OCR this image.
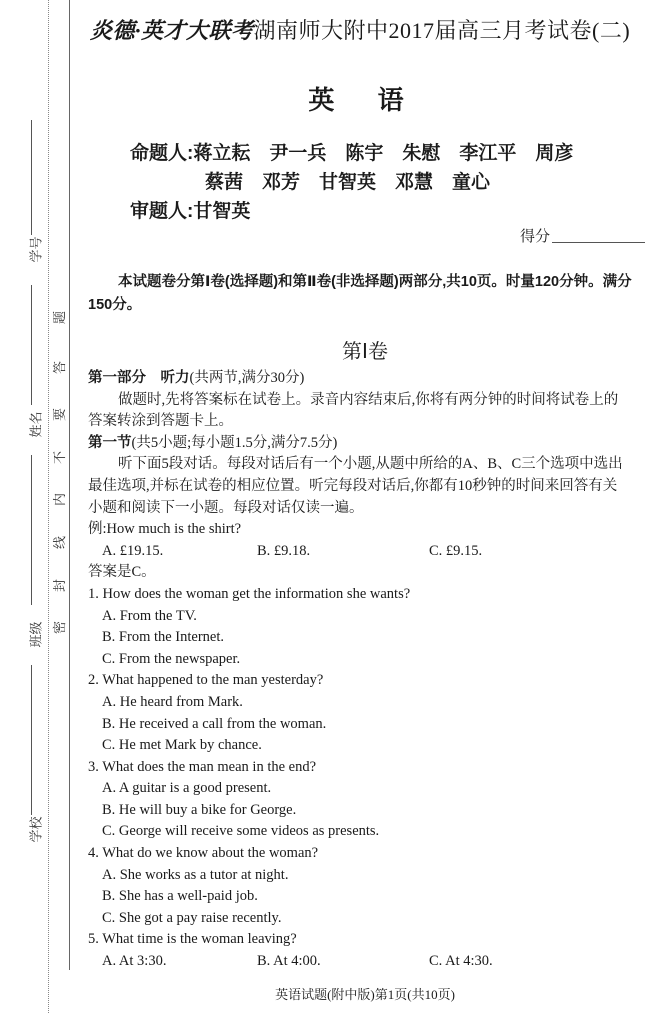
学号
姓名
班级
学校
密
封
线
内
不
要
答
题
炎德·英才大联考湖南师大附中2017届高三月考试卷(二)
英 语
命题人:蒋立耘　尹一兵　陈宇　朱慰　李江平　周彦
蔡茜　邓芳　甘智英　邓慧　童心
审题人:甘智英
得分
本试题卷分第Ⅰ卷(选择题)和第Ⅱ卷(非选择题)两部分,共10页。时量120分钟。满分150分。
第Ⅰ卷
第一部分　听力(共两节,满分30分)
做题时,先将答案标在试卷上。录音内容结束后,你将有两分钟的时间将试卷上的
答案转涂到答题卡上。
第一节(共5小题;每小题1.5分,满分7.5分)
听下面5段对话。每段对话后有一个小题,从题中所给的A、B、C三个选项中选出
最佳选项,并标在试卷的相应位置。听完每段对话后,你都有10秒钟的时间来回答有关
小题和阅读下一小题。每段对话仅读一遍。
例:How much is the shirt?
A. £19.15.	B. £9.18.	C. £9.15.
答案是C。
1. How does the woman get the information she wants?
A. From the TV.
B. From the Internet.
C. From the newspaper.
2. What happened to the man yesterday?
A. He heard from Mark.
B. He received a call from the woman.
C. He met Mark by chance.
3. What does the man mean in the end?
A. A guitar is a good present.
B. He will buy a bike for George.
C. George will receive some videos as presents.
4. What do we know about the woman?
A. She works as a tutor at night.
B. She has a well-paid job.
C. She got a pay raise recently.
5. What time is the woman leaving?
A. At 3:30.	B. At 4:00.	C. At 4:30.
英语试题(附中版)第1页(共10页)
